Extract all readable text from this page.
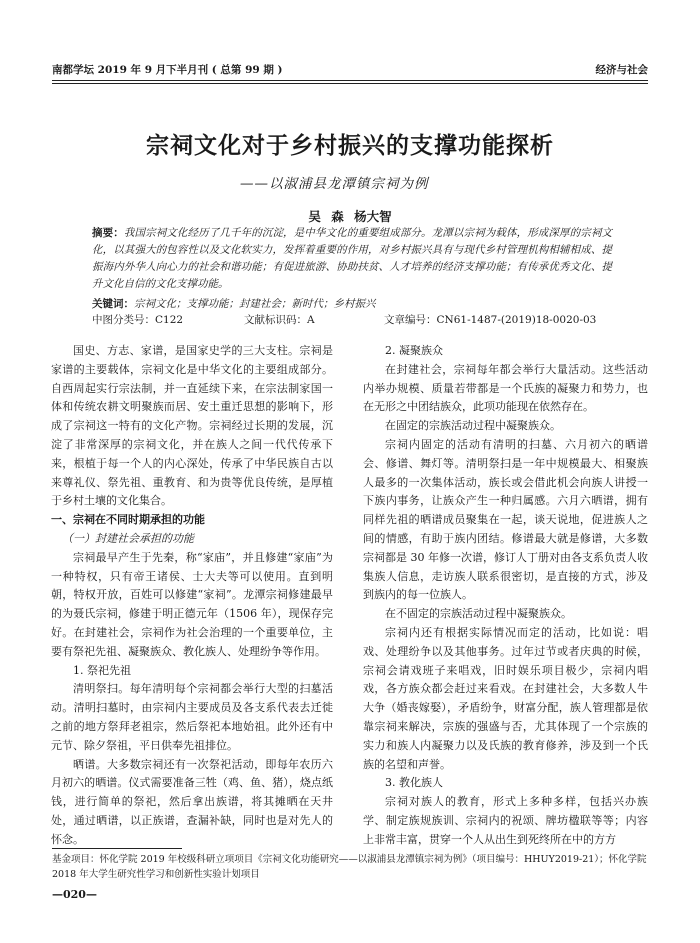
南都学坛 2019 年 9 月下半月刊 ( 总第 99 期 )	经济与社会
宗祠文化对于乡村振兴的支撑功能探析
——以淑浦县龙潭镇宗祠为例
吴 森 杨大智
摘要：我国宗祠文化经历了几千年的沉淀，是中华文化的重要组成部分。龙潭以宗祠为载体，形成深厚的宗祠文化，以其强大的包容性以及文化软实力，发挥着重要的作用，对乡村振兴具有与现代乡村管理机构相辅相成、提振海内外华人向心力的社会和谐功能；有促进旅游、协助扶贫、人才培养的经济支撑功能；有传承优秀文化、提升文化自信的文化支撑功能。
关键词：宗祠文化；支撑功能；封建社会；新时代；乡村振兴
中图分类号：C122	文献标识码：A	文章编号：CN61-1487-(2019)18-0020-03

国史、方志、家谱，是国家史学的三大支柱。宗祠是家谱的主要载体，宗祠文化是中华文化的主要组成部分。自西周起实行宗法制，并一直延续下来，在宗法制家国一体和传统农耕文明聚族而居、安土重迁思想的影响下，形成了宗祠这一特有的文化产物。宗祠经过长期的发展，沉淀了非常深厚的宗祠文化，并在族人之间一代代传承下来，根植于每一个人的内心深处，传承了中华民族自古以来尊礼仪、祭先祖、重教育、和为贵等优良传统，是厚植于乡村土壤的文化集合。

一、宗祠在不同时期承担的功能
（一）封建社会承担的功能

宗祠最早产生于先秦，称“家庙”，并且修建“家庙”为一种特权，只有帝王诸侯、士大夫等可以使用。直到明朝，特权开放，百姓可以修建“家祠”。龙潭宗祠修建最早的为聂氏宗祠，修建于明正德元年（1506 年），现保存完好。在封建社会，宗祠作为社会治理的一个重要单位，主要有祭祀先祖、凝聚族众、教化族人、处理纷争等作用。

1. 祭祀先祖

清明祭扫。每年清明每个宗祠都会举行大型的扫墓活动。清明扫墓时，由宗祠内主要成员及各支系代表去迁徙之前的地方祭拜老祖宗，然后祭祀本地始祖。此外还有中元节、除夕祭祖，平日供奉先祖排位。

晒谱。大多数宗祠还有一次祭祀活动，即每年农历六月初六的晒谱。仪式需要准备三牲（鸡、鱼、猪），烧点纸钱，进行简单的祭祀，然后拿出族谱，将其摊晒在天井处，通过晒谱，以正族谱，查漏补缺，同时也是对先人的怀念。

2. 凝聚族众

在封建社会，宗祠每年都会举行大量活动。这些活动内举办规模、质量若带都是一个氏族的凝聚力和势力，也在无形之中团结族众，此项功能现在依然存在。

在固定的宗族活动过程中凝聚族众。

宗祠内固定的活动有清明的扫墓、六月初六的晒谱会、修谱、舞灯等。清明祭扫是一年中规模最大、相聚族人最多的一次集体活动，族长或会借此机会向族人讲授一下族内事务，让族众产生一种归属感。六月六晒谱，拥有同样先祖的晒谱成员聚集在一起，谈天说地，促进族人之间的情感，有助于族内团结。修谱最大就是修谱，大多数宗祠都是 30 年修一次谱，修订人丁册对由各支系负责人收集族人信息，走访族人联系很密切，是直接的方式，涉及到族内的每一位族人。

在不固定的宗族活动过程中凝聚族众。

宗祠内还有根据实际情况而定的活动，比如说：唱戏、处理纷争以及其他事务。过年过节或者庆典的时候，宗祠会请戏班子来唱戏，旧时娱乐项目极少，宗祠内唱戏，各方族众都会赶过来看戏。在封建社会，大多数人牛大争（婚丧嫁娶），矛盾纷争，财富分配，族人管理都是依靠宗祠来解决，宗族的强盛与否，尤其体现了一个宗族的实力和族人内凝聚力以及氏族的教育修养，涉及到一个氏族的名望和声誉。

3. 教化族人

宗祠对族人的教育，形式上多种多样，包括兴办族学、制定族规族训、宗祠内的祝颂、牌坊楹联等等；内容上非常丰富，贯穿一个人从出生到死终所在中的方方

基金项目：怀化学院 2019 年校级科研立项项目《宗祠文化功能研究——以淑浦县龙潭镇宗祠为例》（项目编号：HHUY2019-21）；怀化学院 2018 年大学生研究性学习和创新性实验计划项目
—020—
